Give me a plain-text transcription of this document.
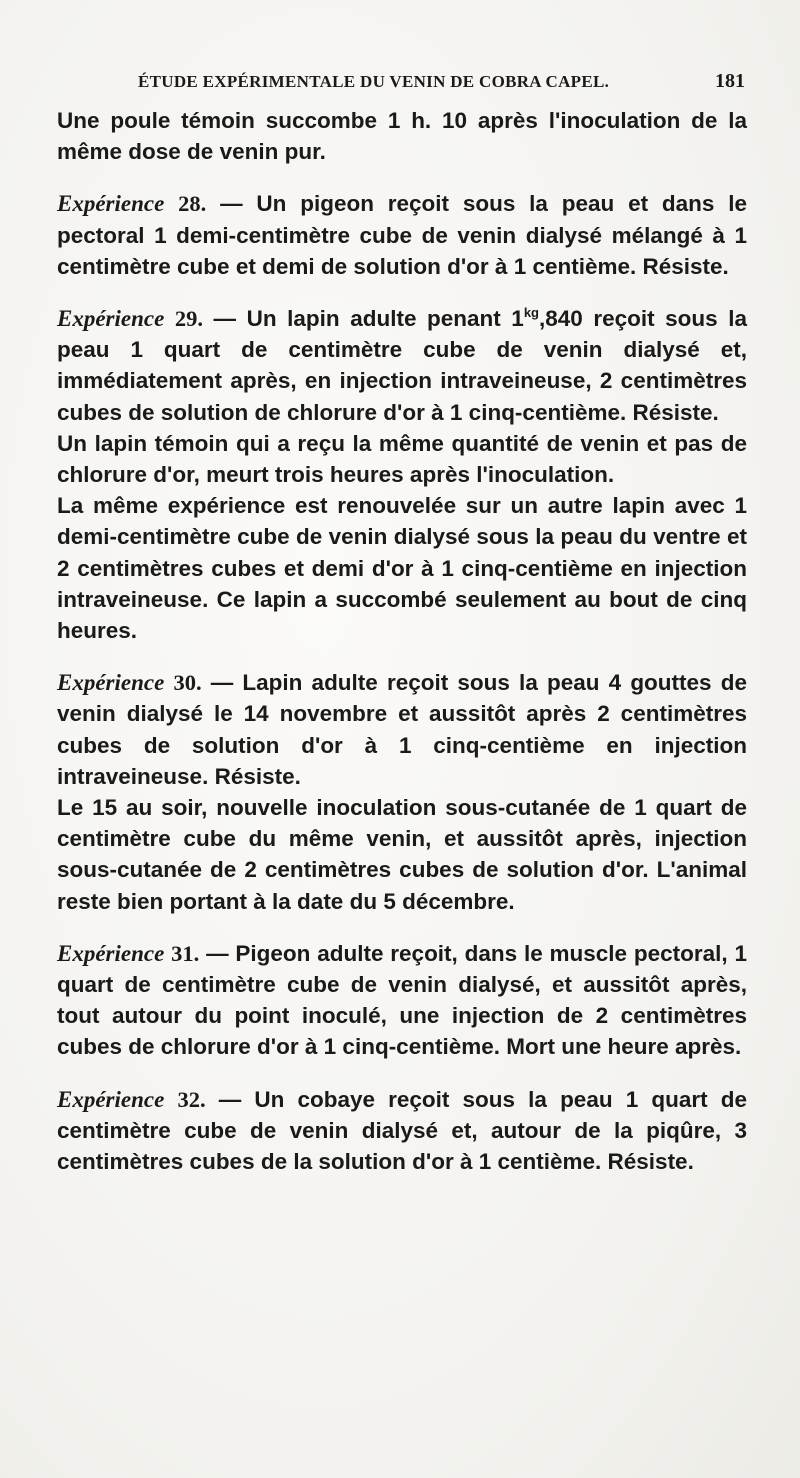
ÉTUDE EXPÉRIMENTALE DU VENIN DE COBRA CAPEL.	181

Une poule témoin succombe 1 h. 10 après l'inoculation de la même dose de venin pur.

Expérience 28. — Un pigeon reçoit sous la peau et dans le pectoral 1 demi-centimètre cube de venin dialysé mélangé à 1 centimètre cube et demi de solution d'or à 1 centième. Résiste.

Expérience 29. — Un lapin adulte penant $1^{kg},840$ reçoit sous la peau 1 quart de centimètre cube de venin dialysé et, immédiatement après, en injection intraveineuse, 2 centimètres cubes de solution de chlorure d'or à 1 cinq-centième. Résiste.

Un lapin témoin qui a reçu la même quantité de venin et pas de chlorure d'or, meurt trois heures après l'inoculation.

La même expérience est renouvelée sur un autre lapin avec 1 demi-centimètre cube de venin dialysé sous la peau du ventre et 2 centimètres cubes et demi d'or à 1 cinq-centième en injection intraveineuse. Ce lapin a succombé seulement au bout de cinq heures.

Expérience 30. — Lapin adulte reçoit sous la peau 4 gouttes de venin dialysé le 14 novembre et aussitôt après 2 centimètres cubes de solution d'or à 1 cinq-centième en injection intraveineuse. Résiste.

Le 15 au soir, nouvelle inoculation sous-cutanée de 1 quart de centimètre cube du même venin, et aussitôt après, injection sous-cutanée de 2 centimètres cubes de solution d'or. L'animal reste bien portant à la date du 5 décembre.

Expérience 31. — Pigeon adulte reçoit, dans le muscle pectoral, 1 quart de centimètre cube de venin dialysé, et aussitôt après, tout autour du point inoculé, une injection de 2 centimètres cubes de chlorure d'or à 1 cinq-centième. Mort une heure après.

Expérience 32. — Un cobaye reçoit sous la peau 1 quart de centimètre cube de venin dialysé et, autour de la piqûre, 3 centimètres cubes de la solution d'or à 1 centième. Résiste.
